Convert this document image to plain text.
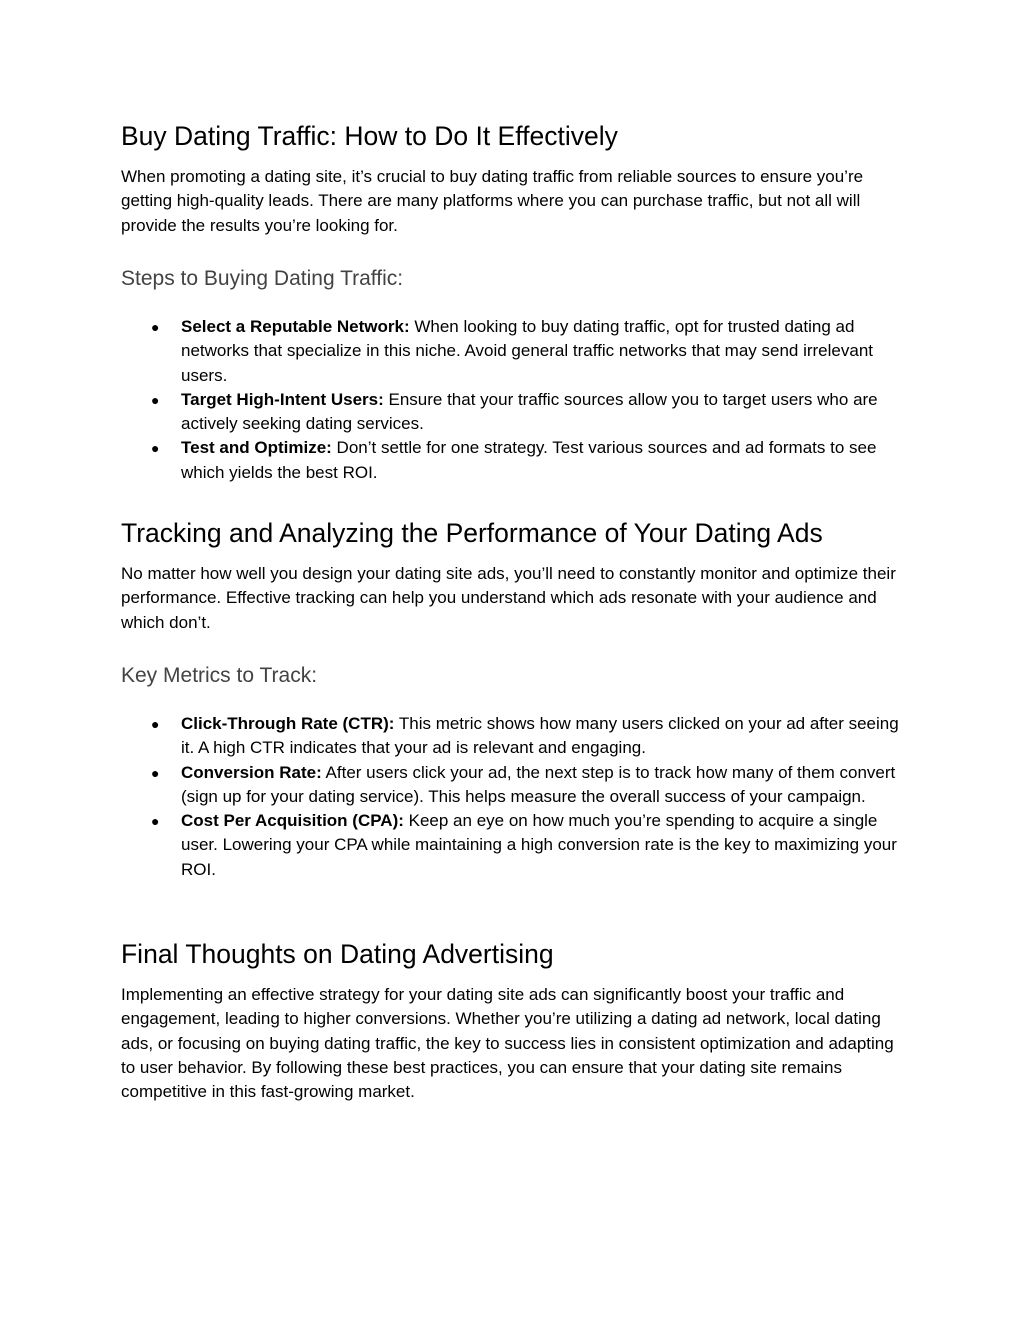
Buy Dating Traffic: How to Do It Effectively

When promoting a dating site, it’s crucial to buy dating traffic from reliable sources to ensure you’re getting high-quality leads. There are many platforms where you can purchase traffic, but not all will provide the results you’re looking for.

Steps to Buying Dating Traffic:
● Select a Reputable Network: When looking to buy dating traffic, opt for trusted dating ad networks that specialize in this niche. Avoid general traffic networks that may send irrelevant users.
● Target High-Intent Users: Ensure that your traffic sources allow you to target users who are actively seeking dating services.
● Test and Optimize: Don’t settle for one strategy. Test various sources and ad formats to see which yields the best ROI.
Tracking and Analyzing the Performance of Your Dating Ads

No matter how well you design your dating site ads, you’ll need to constantly monitor and optimize their performance. Effective tracking can help you understand which ads resonate with your audience and which don’t.

Key Metrics to Track:
● Click-Through Rate (CTR): This metric shows how many users clicked on your ad after seeing it. A high CTR indicates that your ad is relevant and engaging.
● Conversion Rate: After users click your ad, the next step is to track how many of them convert (sign up for your dating service). This helps measure the overall success of your campaign.
● Cost Per Acquisition (CPA): Keep an eye on how much you’re spending to acquire a single user. Lowering your CPA while maintaining a high conversion rate is the key to maximizing your ROI.
Final Thoughts on Dating Advertising

Implementing an effective strategy for your dating site ads can significantly boost your traffic and engagement, leading to higher conversions. Whether you’re utilizing a dating ad network, local dating ads, or focusing on buying dating traffic, the key to success lies in consistent optimization and adapting to user behavior. By following these best practices, you can ensure that your dating site remains competitive in this fast-growing market.
